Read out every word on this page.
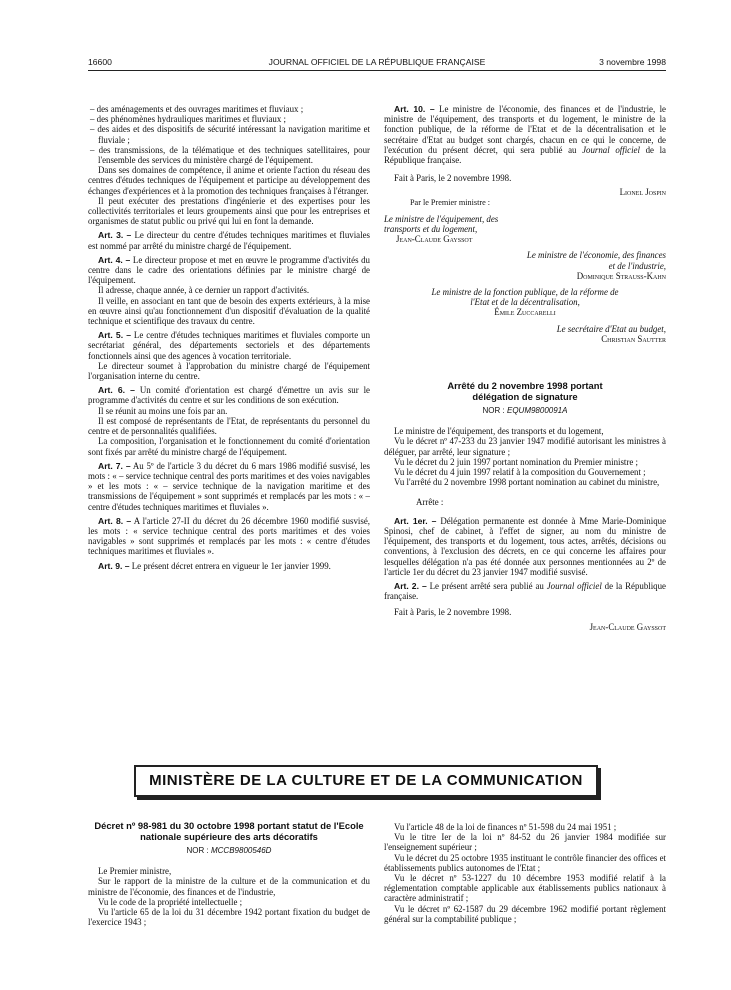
16600	JOURNAL OFFICIEL DE LA RÉPUBLIQUE FRANÇAISE	3 novembre 1998

– des aménagements et des ouvrages maritimes et fluviaux ;

– des phénomènes hydrauliques maritimes et fluviaux ;

– des aides et des dispositifs de sécurité intéressant la navigation maritime et fluviale ;

– des transmissions, de la télématique et des techniques satellitaires, pour l'ensemble des services du ministère chargé de l'équipement.

Dans ses domaines de compétence, il anime et oriente l'action du réseau des centres d'études techniques de l'équipement et participe au développement des échanges d'expériences et à la promotion des techniques françaises à l'étranger.

Il peut exécuter des prestations d'ingénierie et des expertises pour les collectivités territoriales et leurs groupements ainsi que pour les entreprises et organismes de statut public ou privé qui lui en font la demande.

Art. 3. – Le directeur du centre d'études techniques maritimes et fluviales est nommé par arrêté du ministre chargé de l'équipement.

Art. 4. – Le directeur propose et met en œuvre le programme d'activités du centre dans le cadre des orientations définies par le ministre chargé de l'équipement.

Il adresse, chaque année, à ce dernier un rapport d'activités.

Il veille, en associant en tant que de besoin des experts extérieurs, à la mise en œuvre ainsi qu'au fonctionnement d'un dispositif d'évaluation de la qualité technique et scientifique des travaux du centre.

Art. 5. – Le centre d'études techniques maritimes et fluviales comporte un secrétariat général, des départements sectoriels et des départements fonctionnels ainsi que des agences à vocation territoriale.

Le directeur soumet à l'approbation du ministre chargé de l'équipement l'organisation interne du centre.

Art. 6. – Un comité d'orientation est chargé d'émettre un avis sur le programme d'activités du centre et sur les conditions de son exécution.

Il se réunit au moins une fois par an.

Il est composé de représentants de l'Etat, de représentants du personnel du centre et de personnalités qualifiées.

La composition, l'organisation et le fonctionnement du comité d'orientation sont fixés par arrêté du ministre chargé de l'équipement.

Art. 7. – Au 5º de l'article 3 du décret du 6 mars 1986 modifié susvisé, les mots : « – service technique central des ports maritimes et des voies navigables » et les mots : « – service technique de la navigation maritime et des transmissions de l'équipement » sont supprimés et remplacés par les mots : « – centre d'études techniques maritimes et fluviales ».

Art. 8. – A l'article 27-II du décret du 26 décembre 1960 modifié susvisé, les mots : « service technique central des ports maritimes et des voies navigables » sont supprimés et remplacés par les mots : « centre d'études techniques maritimes et fluviales ».

Art. 9. – Le présent décret entrera en vigueur le 1er janvier 1999.

Art. 10. – Le ministre de l'économie, des finances et de l'industrie, le ministre de l'équipement, des transports et du logement, le ministre de la fonction publique, de la réforme de l'Etat et de la décentralisation et le secrétaire d'Etat au budget sont chargés, chacun en ce qui le concerne, de l'exécution du présent décret, qui sera publié au Journal officiel de la République française.

Fait à Paris, le 2 novembre 1998.

Lionel Jospin

Par le Premier ministre :

Le ministre de l'équipement, des transports et du logement,

Jean-Claude Gayssot

Le ministre de l'économie, des finances et de l'industrie,

Dominique Strauss-Kahn

Le ministre de la fonction publique, de la réforme de l'Etat et de la décentralisation,

Émile Zuccarelli

Le secrétaire d'Etat au budget,

Christian Sautter

Arrêté du 2 novembre 1998 portant délégation de signature

NOR : EQUM9800091A

Le ministre de l'équipement, des transports et du logement,

Vu le décret nº 47-233 du 23 janvier 1947 modifié autorisant les ministres à déléguer, par arrêté, leur signature ;

Vu le décret du 2 juin 1997 portant nomination du Premier ministre ;

Vu le décret du 4 juin 1997 relatif à la composition du Gouvernement ;

Vu l'arrêté du 2 novembre 1998 portant nomination au cabinet du ministre,

Arrête :

Art. 1er. – Délégation permanente est donnée à Mme Marie-Dominique Spinosi, chef de cabinet, à l'effet de signer, au nom du ministre de l'équipement, des transports et du logement, tous actes, arrêtés, décisions ou conventions, à l'exclusion des décrets, en ce qui concerne les affaires pour lesquelles délégation n'a pas été donnée aux personnes mentionnées au 2º de l'article 1er du décret du 23 janvier 1947 modifié susvisé.

Art. 2. – Le présent arrêté sera publié au Journal officiel de la République française.

Fait à Paris, le 2 novembre 1998.

Jean-Claude Gayssot

MINISTÈRE DE LA CULTURE ET DE LA COMMUNICATION

Décret nº 98-981 du 30 octobre 1998 portant statut de l'Ecole nationale supérieure des arts décoratifs

NOR : MCCB9800546D

Le Premier ministre,

Sur le rapport de la ministre de la culture et de la communication et du ministre de l'économie, des finances et de l'industrie,

Vu le code de la propriété intellectuelle ;

Vu l'article 65 de la loi du 31 décembre 1942 portant fixation du budget de l'exercice 1943 ;

Vu l'article 48 de la loi de finances nº 51-598 du 24 mai 1951 ;

Vu le titre Ier de la loi nº 84-52 du 26 janvier 1984 modifiée sur l'enseignement supérieur ;

Vu le décret du 25 octobre 1935 instituant le contrôle financier des offices et établissements publics autonomes de l'Etat ;

Vu le décret nº 53-1227 du 10 décembre 1953 modifié relatif à la réglementation comptable applicable aux établissements publics nationaux à caractère administratif ;

Vu le décret nº 62-1587 du 29 décembre 1962 modifié portant règlement général sur la comptabilité publique ;
